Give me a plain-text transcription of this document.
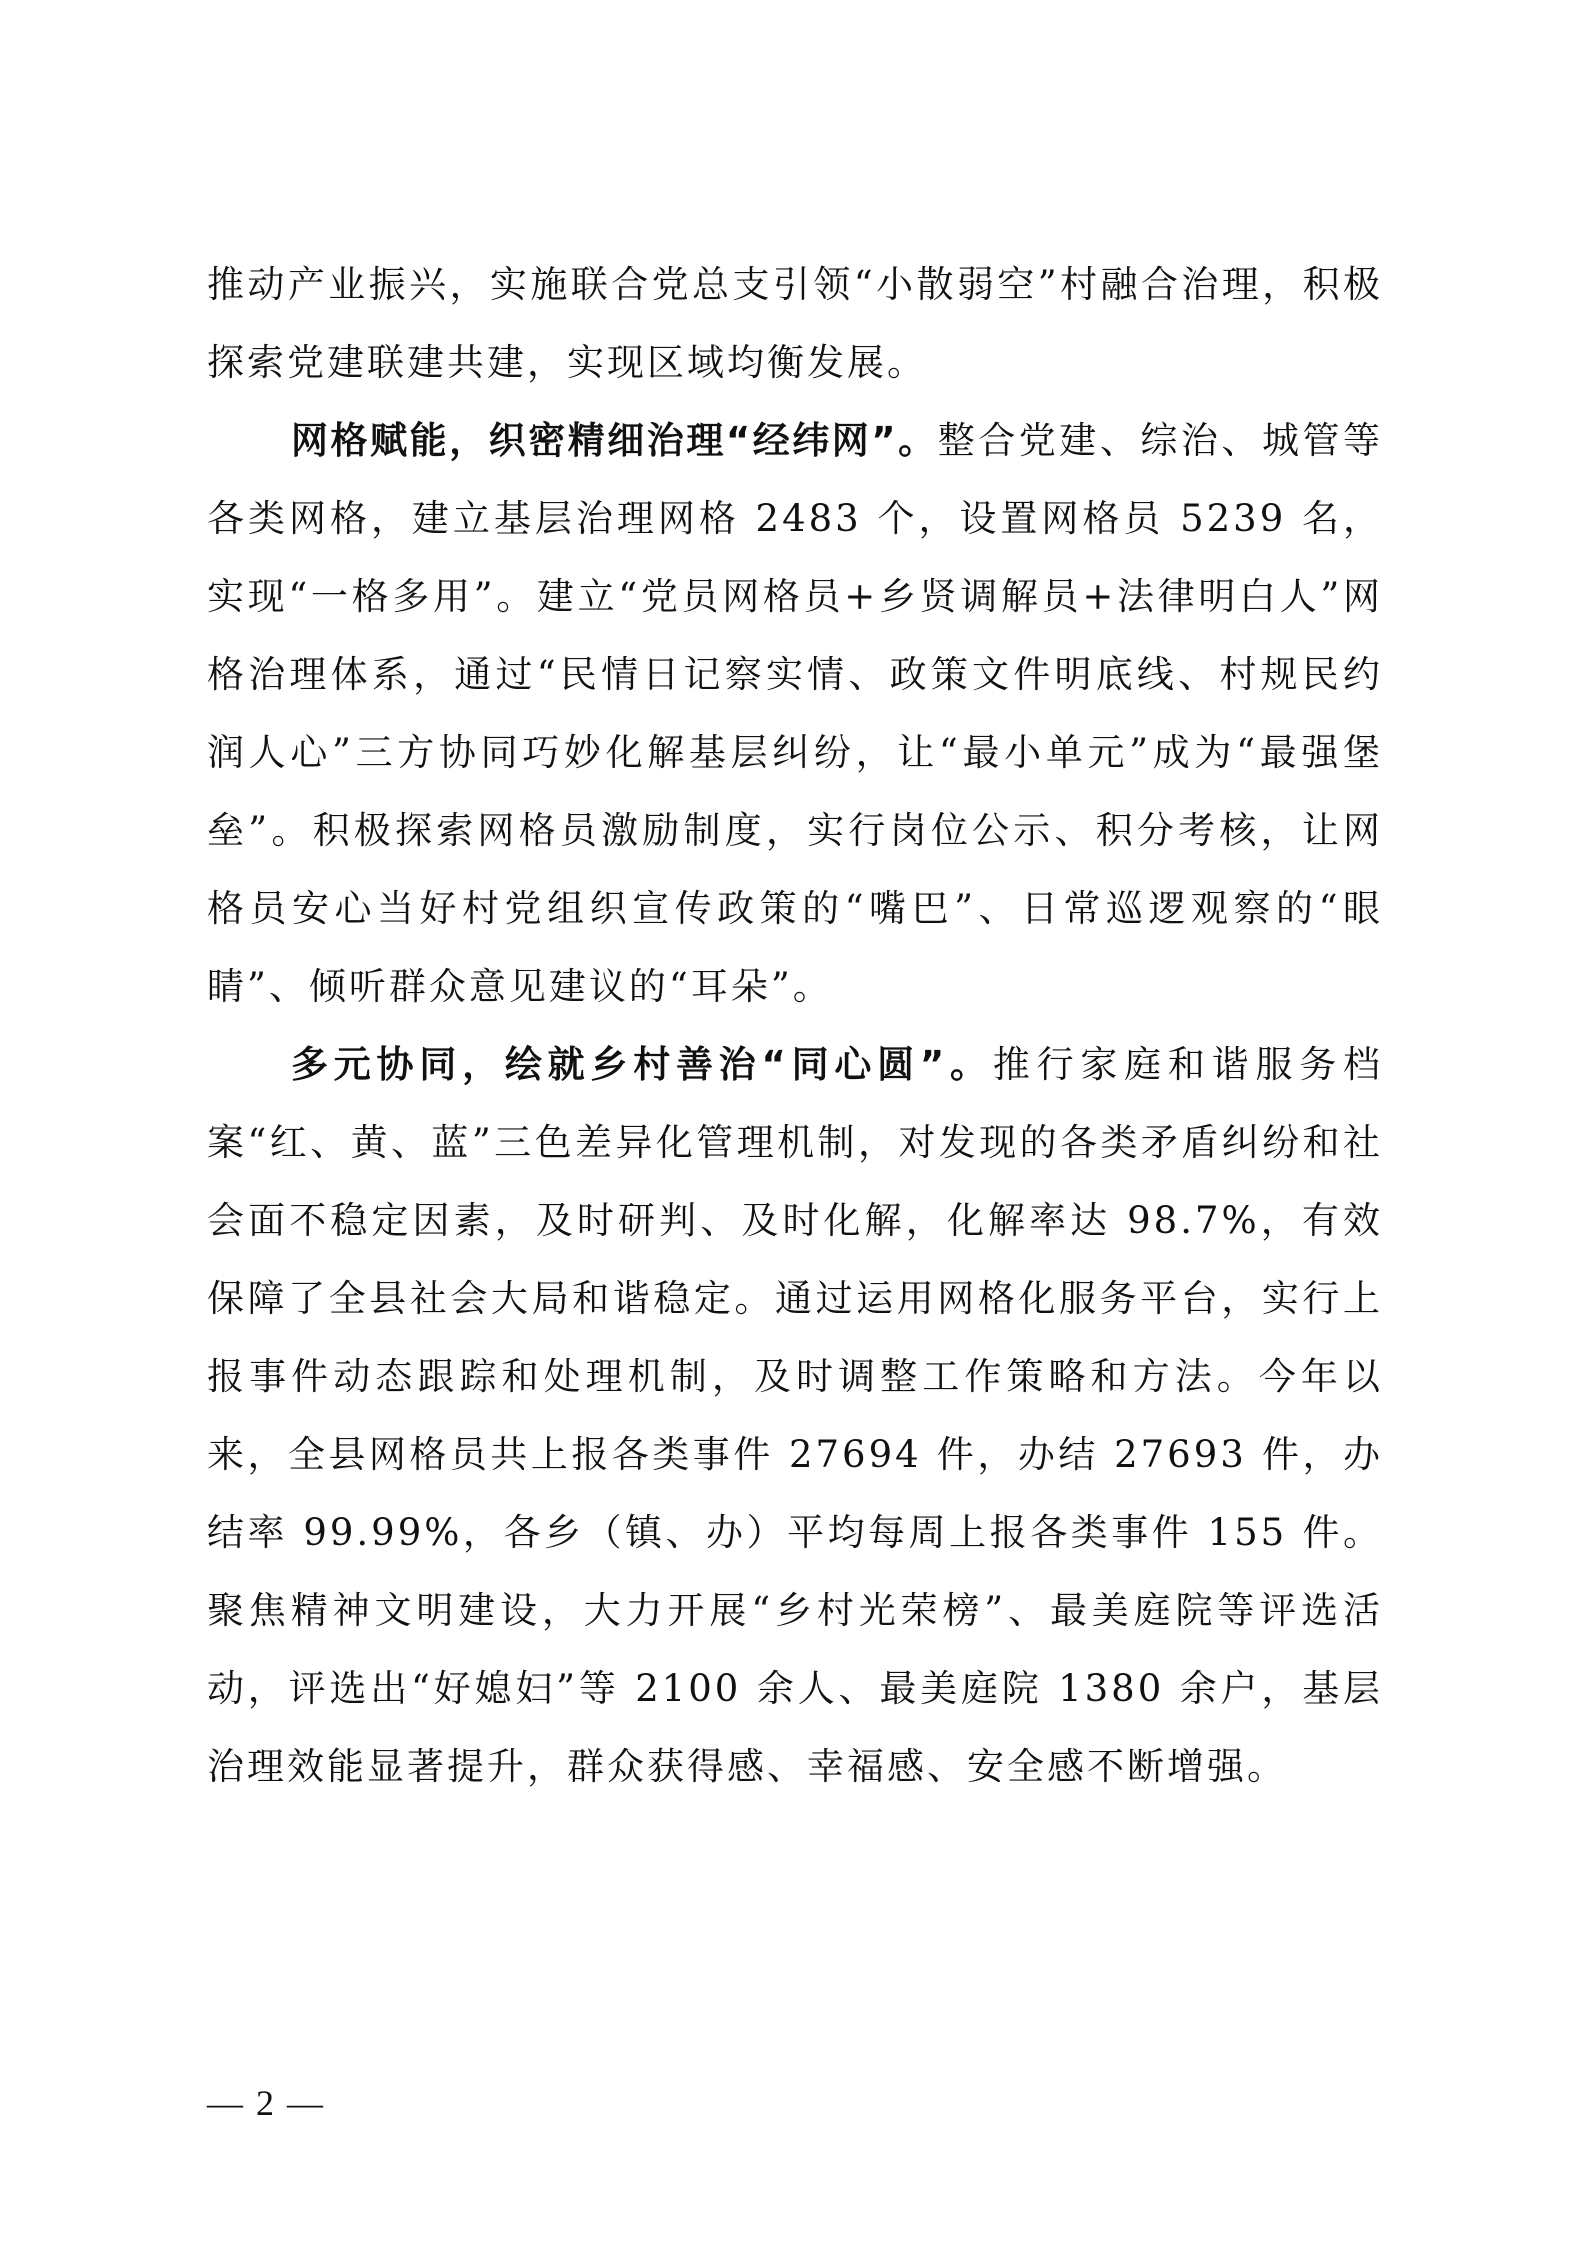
推动产业振兴，实施联合党总支引领“小散弱空”村融合治理，积极探索党建联建共建，实现区域均衡发展。

网格赋能，织密精细治理“经纬网”。整合党建、综治、城管等各类网格，建立基层治理网格 2483 个，设置网格员 5239 名，实现“一格多用”。建立“党员网格员+乡贤调解员+法律明白人”网格治理体系，通过“民情日记察实情、政策文件明底线、村规民约润人心”三方协同巧妙化解基层纠纷，让“最小单元”成为“最强堡垒”。积极探索网格员激励制度，实行岗位公示、积分考核，让网格员安心当好村党组织宣传政策的“嘴巴”、日常巡逻观察的“眼睛”、倾听群众意见建议的“耳朵”。

多元协同，绘就乡村善治“同心圆”。推行家庭和谐服务档案“红、黄、蓝”三色差异化管理机制，对发现的各类矛盾纠纷和社会面不稳定因素，及时研判、及时化解，化解率达 98.7%，有效保障了全县社会大局和谐稳定。通过运用网格化服务平台，实行上报事件动态跟踪和处理机制，及时调整工作策略和方法。今年以来，全县网格员共上报各类事件 27694 件，办结 27693 件，办结率 99.99%，各乡（镇、办）平均每周上报各类事件 155 件。聚焦精神文明建设，大力开展“乡村光荣榜”、最美庭院等评选活动，评选出“好媳妇”等 2100 余人、最美庭院 1380 余户，基层治理效能显著提升，群众获得感、幸福感、安全感不断增强。

— 2 —
